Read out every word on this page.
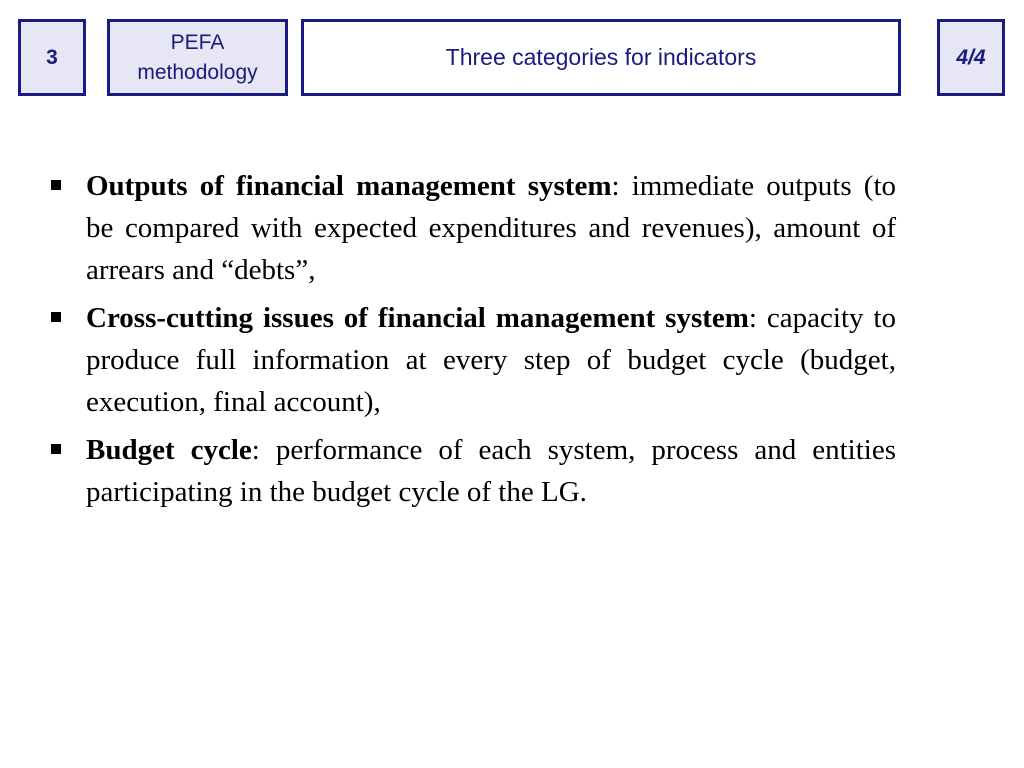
3
PEFA
methodology
Three categories for indicators	4/4
Outputs of financial management system: immediate outputs (to be compared with expected expenditures and revenues), amount of arrears and “debts”,
Cross-cutting issues of financial management system: capacity to produce full information at every step of budget cycle (budget, execution, final account),
Budget cycle: performance of each system, process and entities participating in the budget cycle of the LG.
